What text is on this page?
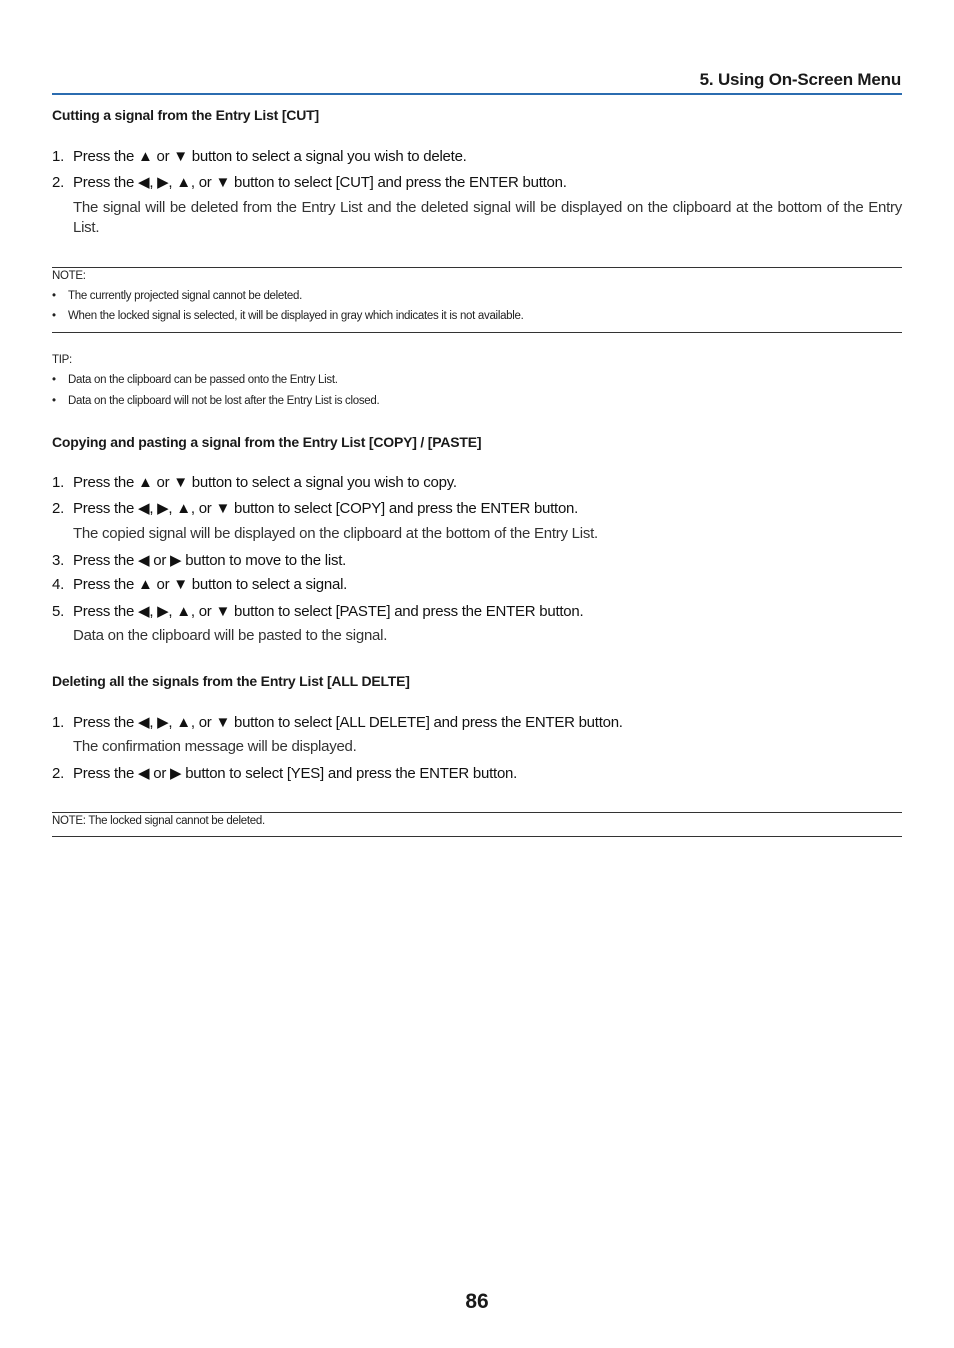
5. Using On-Screen Menu
Cutting a signal from the Entry List [CUT]
1. Press the ▲ or ▼ button to select a signal you wish to delete.
2. Press the ◀, ▶, ▲, or ▼ button to select [CUT] and press the ENTER button.
The signal will be deleted from the Entry List and the deleted signal will be displayed on the clipboard at the bottom of the Entry List.
NOTE:
• The currently projected signal cannot be deleted.
• When the locked signal is selected, it will be displayed in gray which indicates it is not available.
TIP:
• Data on the clipboard can be passed onto the Entry List.
• Data on the clipboard will not be lost after the Entry List is closed.
Copying and pasting a signal from the Entry List [COPY] / [PASTE]
1. Press the ▲ or ▼ button to select a signal you wish to copy.
2. Press the ◀, ▶, ▲, or ▼ button to select [COPY] and press the ENTER button.
The copied signal will be displayed on the clipboard at the bottom of the Entry List.
3. Press the ◀ or ▶ button to move to the list.
4. Press the ▲ or ▼ button to select a signal.
5. Press the ◀, ▶, ▲, or ▼ button to select [PASTE] and press the ENTER button.
Data on the clipboard will be pasted to the signal.
Deleting all the signals from the Entry List [ALL DELTE]
1. Press the ◀, ▶, ▲, or ▼ button to select [ALL DELETE] and press the ENTER button.
The confirmation message will be displayed.
2. Press the ◀ or ▶ button to select [YES] and press the ENTER button.
NOTE: The locked signal cannot be deleted.
86
